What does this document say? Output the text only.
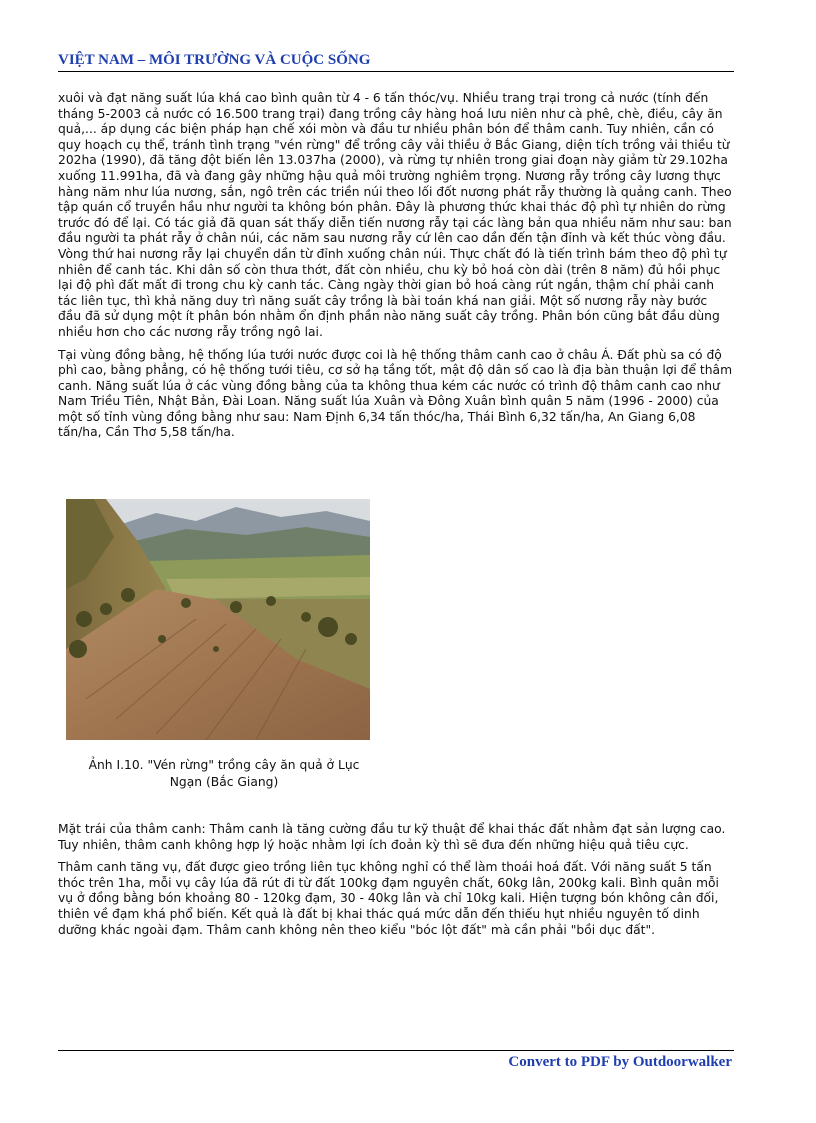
VIỆT NAM – MÔI TRƯỜNG VÀ CUỘC SỐNG

xuôi và đạt năng suất lúa khá cao bình quân từ 4 - 6 tấn thóc/vụ. Nhiều trang trại trong cả nước (tính đến tháng 5-2003 cả nước có 16.500 trang trại) đang trồng cây hàng hoá lưu niên như cà phê, chè, điều, cây ăn quả,... áp dụng các biện pháp hạn chế xói mòn và đầu tư nhiều phân bón để thâm canh. Tuy nhiên, cần có quy hoạch cụ thể, tránh tình trạng "vén rừng" để trồng cây vải thiều ở Bắc Giang, diện tích trồng vải thiều từ 202ha (1990), đã tăng đột biến lên 13.037ha (2000), và rừng tự nhiên trong giai đoạn này giảm từ 29.102ha xuống 11.991ha, đã và đang gây những hậu quả môi trường nghiêm trọng. Nương rẫy trồng cây lương thực hàng năm như lúa nương, sắn, ngô trên các triền núi theo lối đốt nương phát rẫy thường là quảng canh. Theo tập quán cổ truyền hầu như người ta không bón phân. Đây là phương thức khai thác độ phì tự nhiên do rừng trước đó để lại. Có tác giả đã quan sát thấy diễn tiến nương rẫy tại các làng bản qua nhiều năm như sau: ban đầu người ta phát rẫy ở chân núi, các năm sau nương rẫy cứ lên cao dần đến tận đỉnh và kết thúc vòng đầu. Vòng thứ hai nương rẫy lại chuyển dần từ đỉnh xuống chân núi. Thực chất đó là tiến trình bám theo độ phì tự nhiên để canh tác. Khi dân số còn thưa thớt, đất còn nhiều, chu kỳ bỏ hoá còn dài (trên 8 năm) đủ hồi phục lại độ phì đất mất đi trong chu kỳ canh tác. Càng ngày thời gian bỏ hoá càng rút ngắn, thậm chí phải canh tác liên tục, thì khả năng duy trì năng suất cây trồng là bài toán khá nan giải. Một số nương rẫy này bước đầu đã sử dụng một ít phân bón nhằm ổn định phần nào năng suất cây trồng. Phân bón cũng bắt đầu dùng nhiều hơn cho các nương rẫy trồng ngô lai.

Tại vùng đồng bằng, hệ thống lúa tưới nước được coi là hệ thống thâm canh cao ở châu Á. Đất phù sa có độ phì cao, bằng phẳng, có hệ thống tưới tiêu, cơ sở hạ tầng tốt, mật độ dân số cao là địa bàn thuận lợi để thâm canh. Năng suất lúa ở các vùng đồng bằng của ta không thua kém các nước có trình độ thâm canh cao như Nam Triều Tiên, Nhật Bản, Đài Loan. Năng suất lúa Xuân và Đông Xuân bình quân 5 năm (1996 - 2000) của một số tỉnh vùng đồng bằng như sau: Nam Định 6,34 tấn thóc/ha, Thái Bình 6,32 tấn/ha, An Giang 6,08 tấn/ha, Cần Thơ 5,58 tấn/ha.

Ảnh I.10. "Vén rừng" trồng cây ăn quả ở Lục
Ngạn (Bắc Giang)

Mặt trái của thâm canh: Thâm canh là tăng cường đầu tư kỹ thuật để khai thác đất nhằm đạt sản lượng cao. Tuy nhiên, thâm canh không hợp lý hoặc nhằm lợi ích đoản kỳ thì sẽ đưa đến những hiệu quả tiêu cực.

Thâm canh tăng vụ, đất được gieo trồng liên tục không nghỉ có thể làm thoái hoá đất. Với năng suất 5 tấn thóc trên 1ha, mỗi vụ cây lúa đã rút đi từ đất 100kg đạm nguyên chất, 60kg lân, 200kg kali. Bình quân mỗi vụ ở đồng bằng bón khoảng 80 - 120kg đạm, 30 - 40kg lân và chỉ 10kg kali. Hiện tượng bón không cân đối, thiên về đạm khá phổ biến. Kết quả là đất bị khai thác quá mức dẫn đến thiếu hụt nhiều nguyên tố dinh dưỡng khác ngoài đạm. Thâm canh không nên theo kiểu "bóc lột đất" mà cần phải "bồi dục đất".

Convert to PDF by Outdoorwalker
